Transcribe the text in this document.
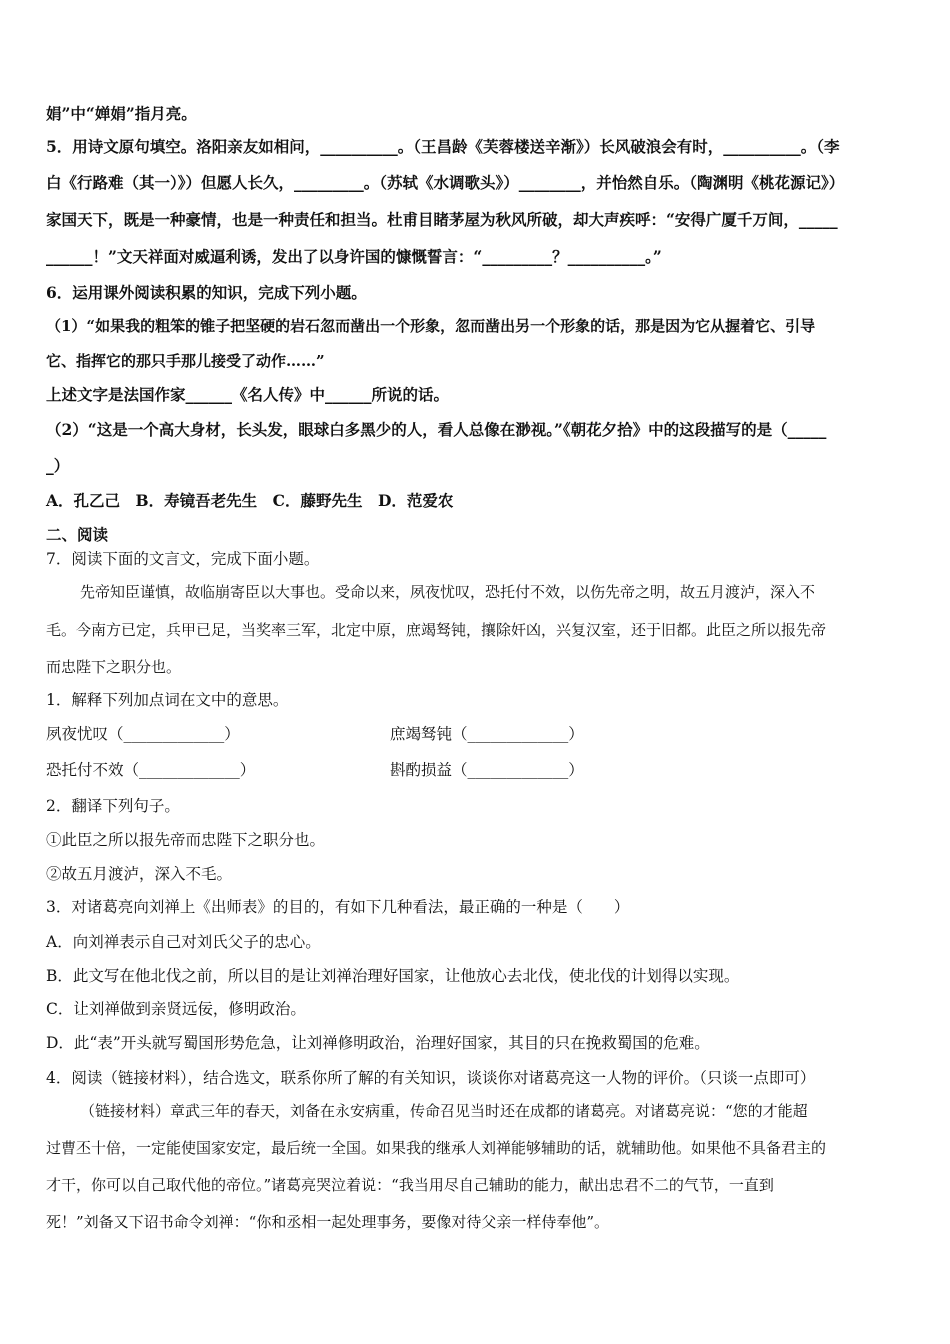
娟”中“婵娟”指月亮。
5．用诗文原句填空。洛阳亲友如相问，__________。（王昌龄《芙蓉楼送辛渐》）长风破浪会有时，__________。（李
白《行路难（其一）》）但愿人长久，_________。（苏轼《水调歌头》）________，并怡然自乐。（陶渊明《桃花源记》）
家国天下，既是一种豪情，也是一种责任和担当。杜甫目睹茅屋为秋风所破，却大声疾呼：“安得广厦千万间，_____
______！”文天祥面对威逼利诱，发出了以身许国的慷慨誓言：“_________？__________。”
6．运用课外阅读积累的知识，完成下列小题。
（1）“如果我的粗笨的锥子把坚硬的岩石忽而凿出一个形象，忽而凿出另一个形象的话，那是因为它从握着它、引导
它、指挥它的那只手那儿接受了动作……”
上述文字是法国作家______《名人传》中______所说的话。
（2）“这是一个高大身材，长头发，眼球白多黑少的人，看人总像在渺视。”《朝花夕拾》中的这段描写的是（_____
_）
A．孔乙己　B．寿镜吾老先生　C．藤野先生　D．范爱农
二、阅读
7．阅读下面的文言文，完成下面小题。
先帝知臣谨慎，故临崩寄臣以大事也。受命以来，夙夜忧叹，恐托付不效，以伤先帝之明，故五月渡泸，深入不
毛。今南方已定，兵甲已足，当奖率三军，北定中原，庶竭驽钝，攘除奸凶，兴复汉室，还于旧都。此臣之所以报先帝
而忠陛下之职分也。
1．解释下列加点词在文中的意思。
夙夜忧叹（_____________）	庶竭驽钝（_____________）
恐托付不效（_____________）	斟酌损益（_____________）
2．翻译下列句子。
①此臣之所以报先帝而忠陛下之职分也。
②故五月渡泸，深入不毛。
3．对诸葛亮向刘禅上《出师表》的目的，有如下几种看法，最正确的一种是（　　）
A．向刘禅表示自己对刘氏父子的忠心。
B．此文写在他北伐之前，所以目的是让刘禅治理好国家，让他放心去北伐，使北伐的计划得以实现。
C．让刘禅做到亲贤远佞，修明政治。
D．此“表”开头就写蜀国形势危急，让刘禅修明政治，治理好国家，其目的只在挽救蜀国的危难。
4．阅读（链接材料），结合选文，联系你所了解的有关知识，谈谈你对诸葛亮这一人物的评价。（只谈一点即可）
（链接材料）章武三年的春天，刘备在永安病重，传命召见当时还在成都的诸葛亮。对诸葛亮说：“您的才能超
过曹丕十倍，一定能使国家安定，最后统一全国。如果我的继承人刘禅能够辅助的话，就辅助他。如果他不具备君主的
才干，你可以自己取代他的帝位。”诸葛亮哭泣着说：“我当用尽自己辅助的能力，献出忠君不二的气节，一直到
死！”刘备又下诏书命令刘禅：“你和丞相一起处理事务，要像对待父亲一样侍奉他”。
